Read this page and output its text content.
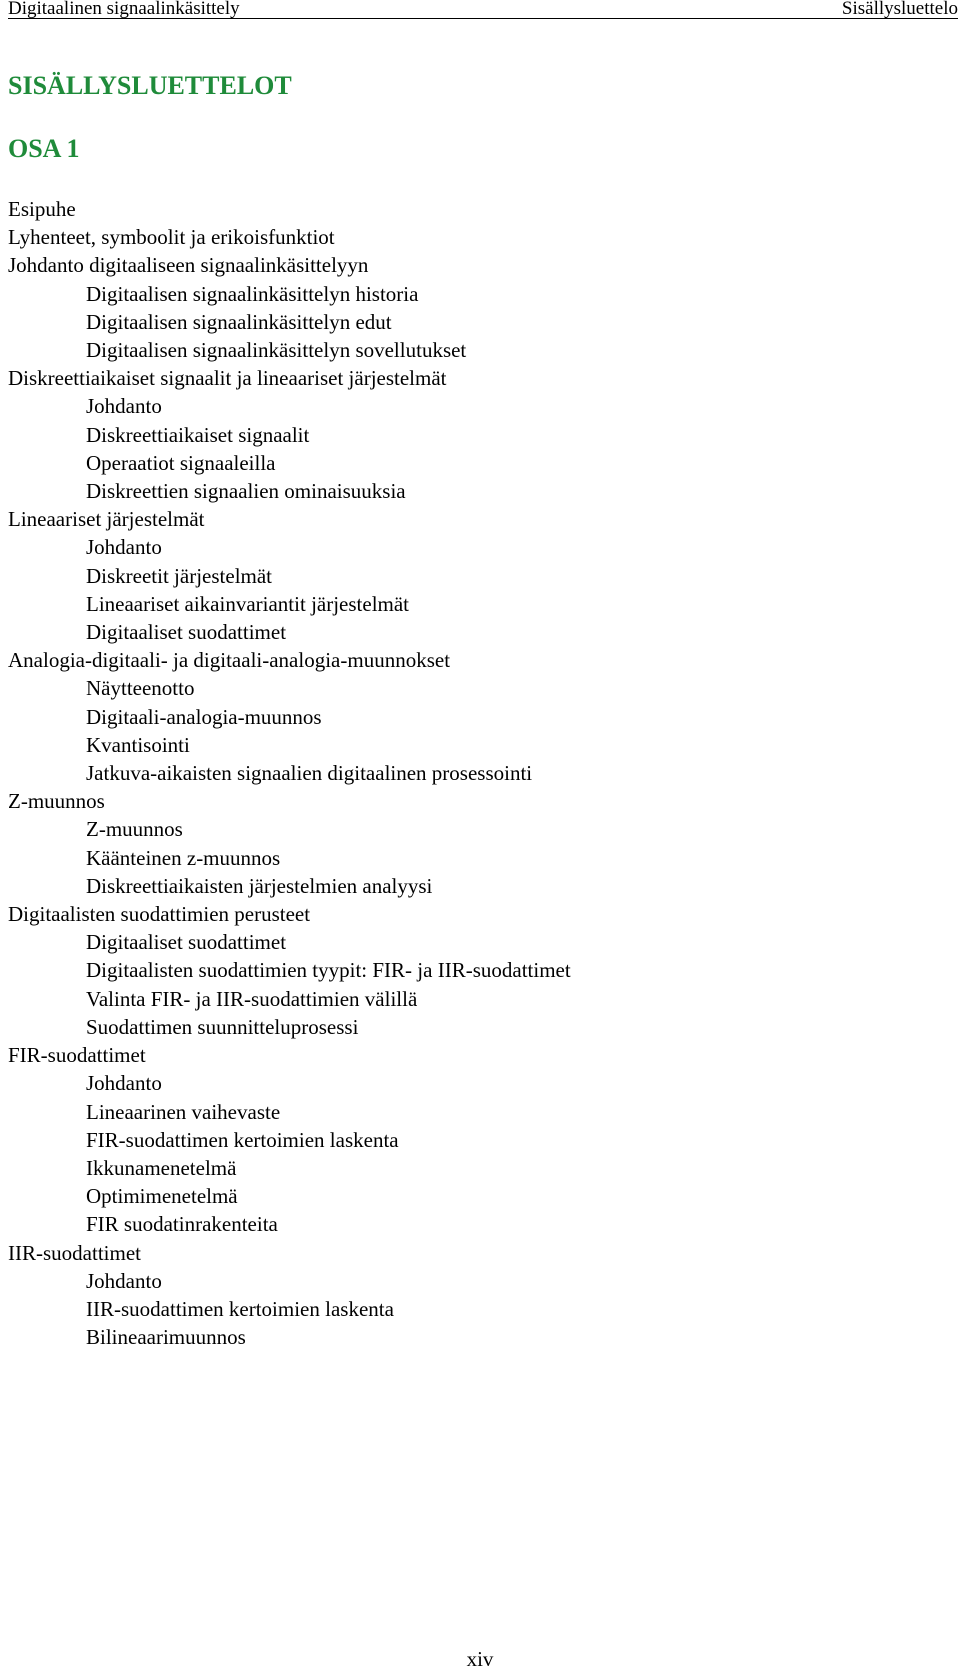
Digitaalinen signaalinkäsittely	Sisällysluettelo
SISÄLLYSLUETTELOT
OSA 1
Esipuhe
Lyhenteet, symboolit ja erikoisfunktiot
Johdanto digitaaliseen signaalinkäsittelyyn
Digitaalisen signaalinkäsittelyn historia
Digitaalisen signaalinkäsittelyn edut
Digitaalisen signaalinkäsittelyn sovellutukset
Diskreettiaikaiset signaalit ja lineaariset järjestelmät
Johdanto
Diskreettiaikaiset signaalit
Operaatiot signaaleilla
Diskreettien signaalien ominaisuuksia
Lineaariset järjestelmät
Johdanto
Diskreetit järjestelmät
Lineaariset aikainvariantit järjestelmät
Digitaaliset suodattimet
Analogia-digitaali- ja digitaali-analogia-muunnokset
Näytteenotto
Digitaali-analogia-muunnos
Kvantisointi
Jatkuva-aikaisten signaalien digitaalinen prosessointi
Z-muunnos
Z-muunnos
Käänteinen z-muunnos
Diskreettiaikaisten järjestelmien analyysi
Digitaalisten suodattimien perusteet
Digitaaliset suodattimet
Digitaalisten suodattimien tyypit: FIR- ja IIR-suodattimet
Valinta FIR- ja IIR-suodattimien välillä
Suodattimen suunnitteluprosessi
FIR-suodattimet
Johdanto
Lineaarinen vaihevaste
FIR-suodattimen kertoimien laskenta
Ikkunamenetelmä
Optimimenetelmä
FIR suodatinrakenteita
IIR-suodattimet
Johdanto
IIR-suodattimen kertoimien laskenta
Bilineaarimuunnos
xiv
